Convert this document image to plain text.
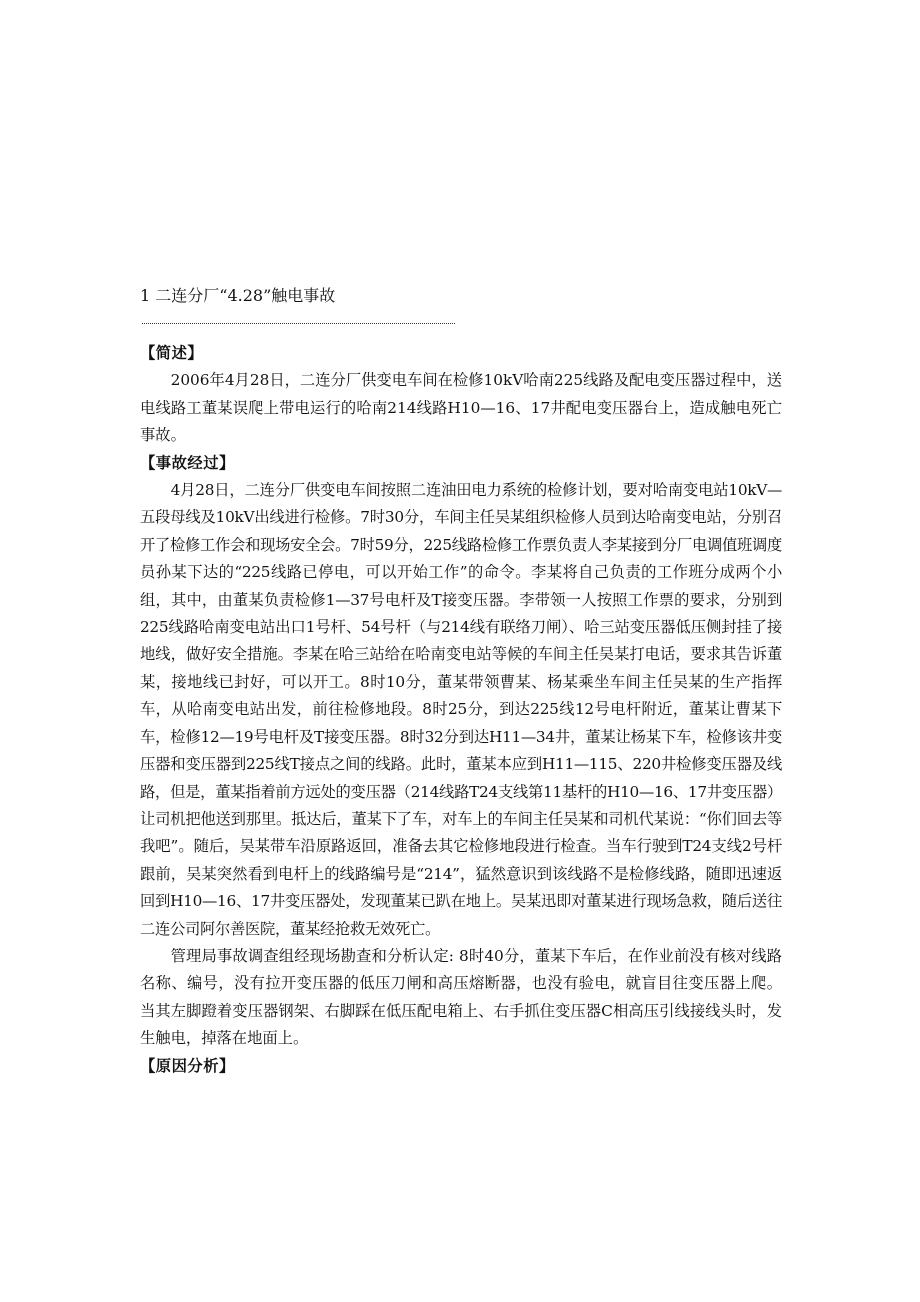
1 二连分厂“4.28”触电事故

【简述】

2006年4月28日，二连分厂供变电车间在检修10kV哈南225线路及配电变压器过程中，送电线路工董某误爬上带电运行的哈南214线路H10—16、17井配电变压器台上，造成触电死亡事故。

【事故经过】

4月28日，二连分厂供变电车间按照二连油田电力系统的检修计划，要对哈南变电站10kV—五段母线及10kV出线进行检修。7时30分，车间主任吴某组织检修人员到达哈南变电站，分别召开了检修工作会和现场安全会。7时59分，225线路检修工作票负责人李某接到分厂电调值班调度员孙某下达的“225线路已停电，可以开始工作”的命令。李某将自己负责的工作班分成两个小组，其中，由董某负责检修1—37号电杆及T接变压器。李带领一人按照工作票的要求，分别到225线路哈南变电站出口1号杆、54号杆（与214线有联络刀闸）、哈三站变压器低压侧封挂了接地线，做好安全措施。李某在哈三站给在哈南变电站等候的车间主任吴某打电话，要求其告诉董某，接地线已封好，可以开工。8时10分，董某带领曹某、杨某乘坐车间主任吴某的生产指挥车，从哈南变电站出发，前往检修地段。8时25分，到达225线12号电杆附近，董某让曹某下车，检修12—19号电杆及T接变压器。8时32分到达H11—34井，董某让杨某下车，检修该井变压器和变压器到225线T接点之间的线路。此时，董某本应到H11—115、220井检修变压器及线路，但是，董某指着前方远处的变压器（214线路T24支线第11基杆的H10—16、17井变压器）让司机把他送到那里。抵达后，董某下了车，对车上的车间主任吴某和司机代某说：“你们回去等我吧”。随后，吴某带车沿原路返回，准备去其它检修地段进行检查。当车行驶到T24支线2号杆跟前，吴某突然看到电杆上的线路编号是“214”，猛然意识到该线路不是检修线路，随即迅速返回到H10—16、17井变压器处，发现董某已趴在地上。吴某迅即对董某进行现场急救，随后送往二连公司阿尔善医院，董某经抢救无效死亡。

管理局事故调查组经现场勘查和分析认定: 8时40分，董某下车后，在作业前没有核对线路名称、编号，没有拉开变压器的低压刀闸和高压熔断器，也没有验电，就盲目往变压器上爬。当其左脚蹬着变压器钢架、右脚踩在低压配电箱上、右手抓住变压器C相高压引线接线头时，发生触电，掉落在地面上。

【原因分析】
